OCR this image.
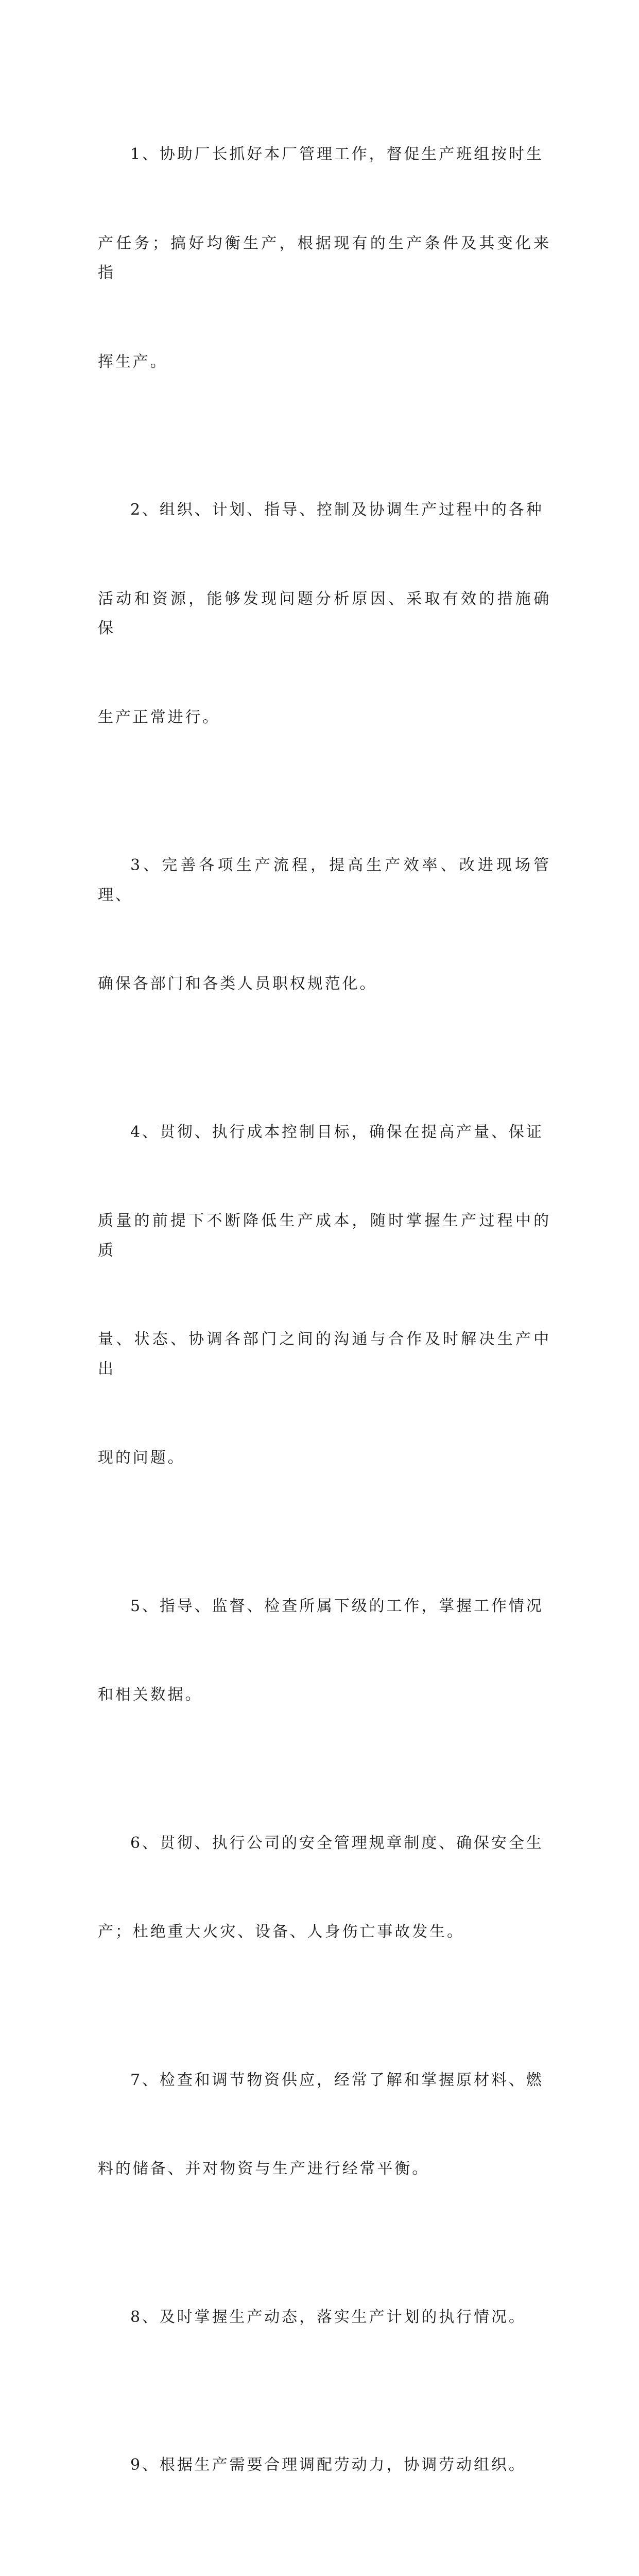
1、协助厂长抓好本厂管理工作，督促生产班组按时生

产任务；搞好均衡生产，根据现有的生产条件及其变化来指

挥生产。

2、组织、计划、指导、控制及协调生产过程中的各种

活动和资源，能够发现问题分析原因、采取有效的措施确保

生产正常进行。

3、完善各项生产流程，提高生产效率、改进现场管理、

确保各部门和各类人员职权规范化。

4、贯彻、执行成本控制目标，确保在提高产量、保证

质量的前提下不断降低生产成本，随时掌握生产过程中的质

量、状态、协调各部门之间的沟通与合作及时解决生产中出

现的问题。

5、指导、监督、检查所属下级的工作，掌握工作情况

和相关数据。

6、贯彻、执行公司的安全管理规章制度、确保安全生

产；杜绝重大火灾、设备、人身伤亡事故发生。

7、检查和调节物资供应，经常了解和掌握原材料、燃

料的储备、并对物资与生产进行经常平衡。

8、及时掌握生产动态，落实生产计划的执行情况。

9、根据生产需要合理调配劳动力，协调劳动组织。
